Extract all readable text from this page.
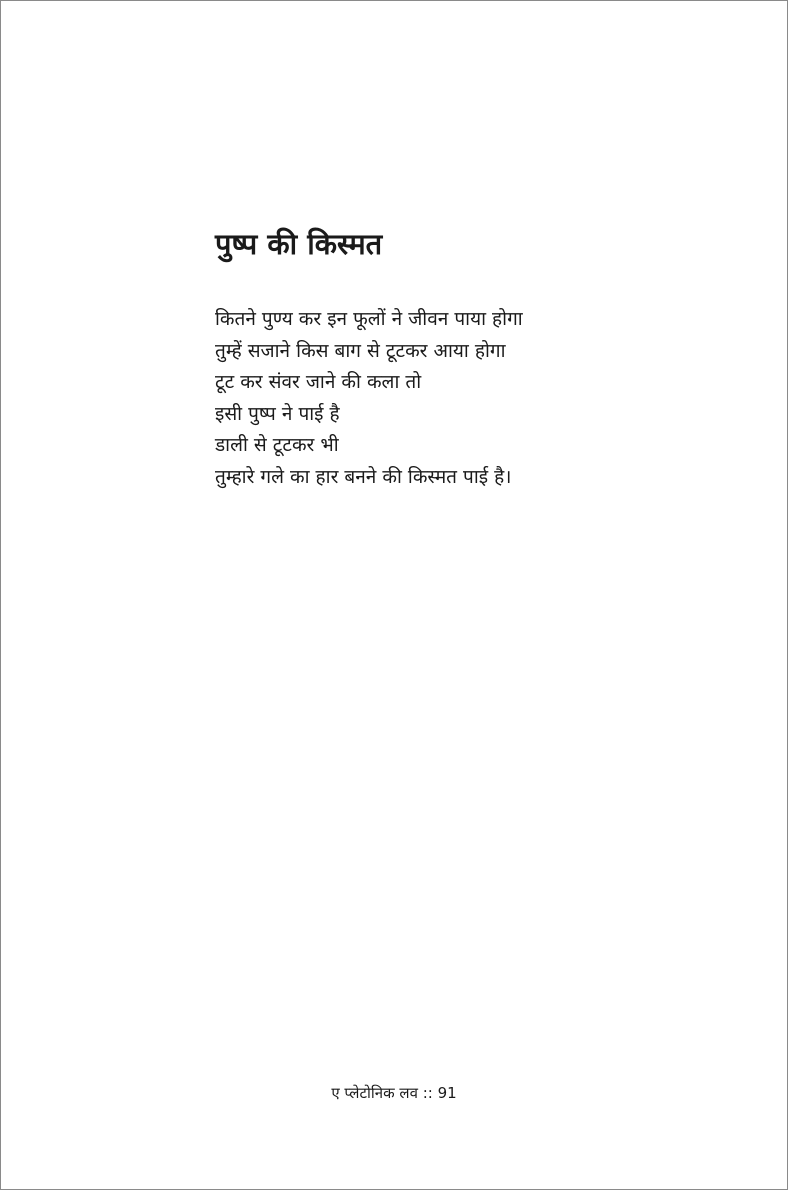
पुष्प की किस्मत
कितने पुण्य कर इन फूलों ने जीवन पाया होगा
तुम्हें सजाने किस बाग से टूटकर आया होगा
टूट कर संवर जाने की कला तो
इसी पुष्प ने पाई है
डाली से टूटकर भी
तुम्हारे गले का हार बनने की किस्मत पाई है।
ए प्लेटोनिक लव :: 91
